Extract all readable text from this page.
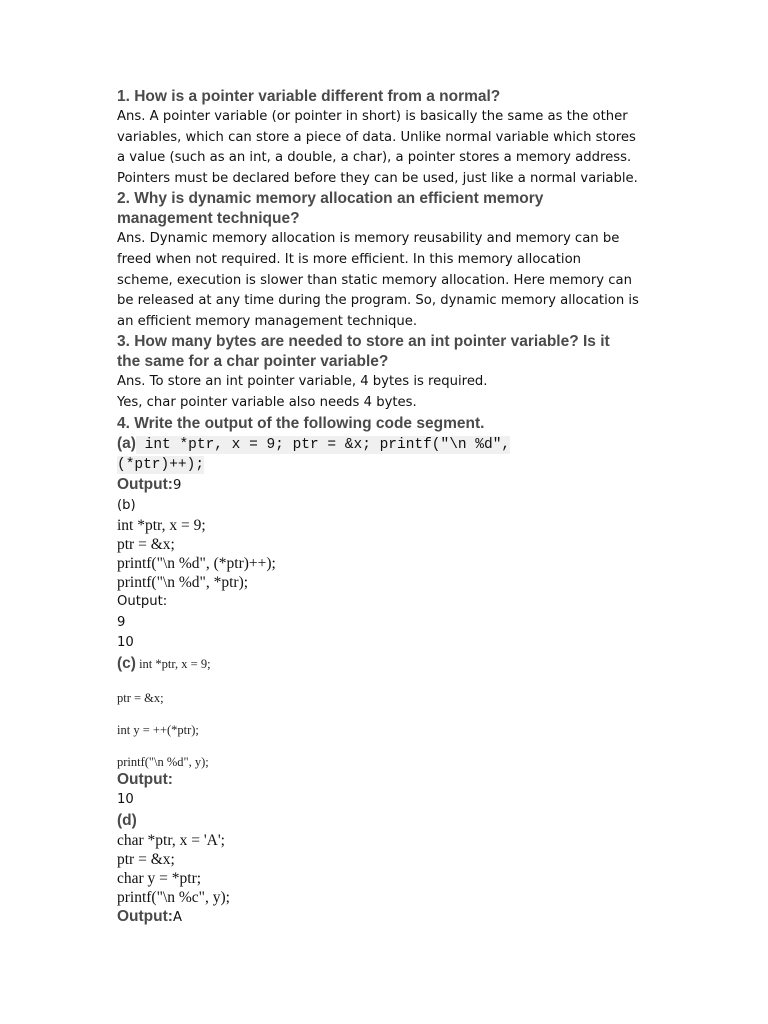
1. How is a pointer variable different from a normal?

Ans. A pointer variable (or pointer in short) is basically the same as the other
variables, which can store a piece of data. Unlike normal variable which stores
a value (such as an int, a double, a char), a pointer stores a memory address.
Pointers must be declared before they can be used, just like a normal variable.
2. Why is dynamic memory allocation an efficient memory
management technique?
Ans. Dynamic memory allocation is memory reusability and memory can be
freed when not required. It is more efficient. In this memory allocation
scheme, execution is slower than static memory allocation. Here memory can
be released at any time during the program. So, dynamic memory allocation is
an efficient memory management technique.
3. How many bytes are needed to store an int pointer variable? Is it
the same for a char pointer variable?
Ans. To store an int pointer variable, 4 bytes is required.
Yes, char pointer variable also needs 4 bytes.

4. Write the output of the following code segment.

(a) int *ptr, x = 9; ptr = &x; printf("\n %d",
(*ptr)++);
Output:9
(b)
int *ptr, x = 9;
ptr = &x;
printf("\n %d", (*ptr)++);
printf("\n %d", *ptr);
Output:
9
10
(c) int *ptr, x = 9;
ptr = &x;
int y = ++(*ptr);
printf("\n %d", y);
Output:
10
(d)
char *ptr, x = 'A';
ptr = &x;
char y = *ptr;
printf("\n %c", y);
Output:A
